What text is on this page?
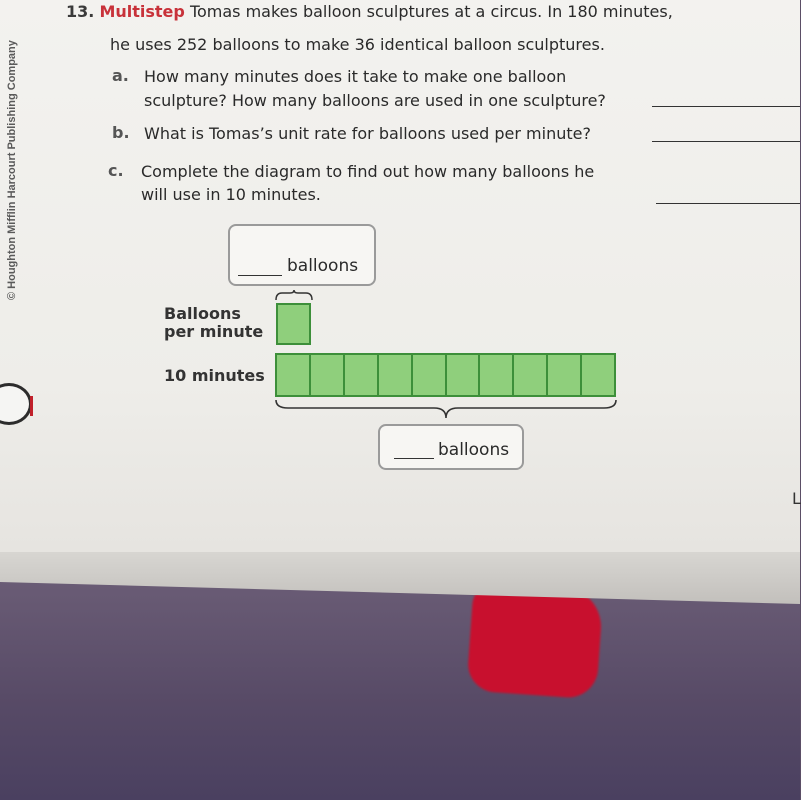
© Houghton Mifflin Harcourt Publishing Company
13. Multistep Tomas makes balloon sculptures at a circus. In 180 minutes,
he uses 252 balloons to make 36 identical balloon sculptures.
a. How many minutes does it take to make one balloon
sculpture? How many balloons are used in one sculpture?
b. What is Tomas’s unit rate for balloons used per minute?
c. Complete the diagram to find out how many balloons he
will use in 10 minutes.
balloons
Balloons
per minute
10 minutes
balloons
L
